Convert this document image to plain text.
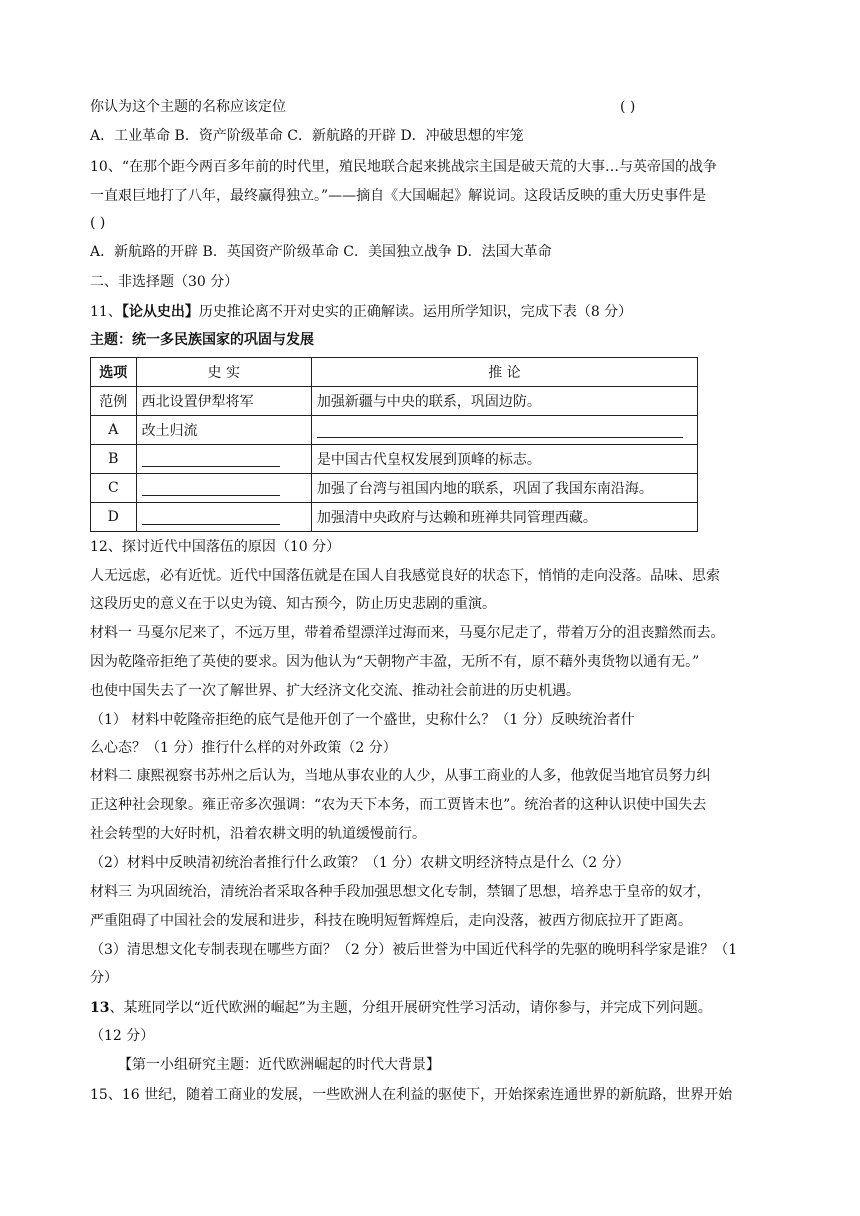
你认为这个主题的名称应该定位	( )
A．工业革命 B．资产阶级革命 C．新航路的开辟 D．冲破思想的牢笼
10、“在那个距今两百多年前的时代里，殖民地联合起来挑战宗主国是破天荒的大事…与英帝国的战争
一直艰巨地打了八年，最终赢得独立。”——摘自《大国崛起》解说词。这段话反映的重大历史事件是
( )
A．新航路的开辟 B．英国资产阶级革命 C．美国独立战争 D．法国大革命
二、非选择题（30 分）
11、【论从史出】历史推论离不开对史实的正确解读。运用所学知识，完成下表（8 分）
主题：统一多民族国家的巩固与发展
选项	史 实	推 论
范例	西北设置伊犁将军	加强新疆与中央的联系，巩固边防。
A	改土归流	
B		是中国古代皇权发展到顶峰的标志。
C		加强了台湾与祖国内地的联系，巩固了我国东南沿海。
D		加强清中央政府与达赖和班禅共同管理西藏。
12、探讨近代中国落伍的原因（10 分）
人无远虑，必有近忧。近代中国落伍就是在国人自我感觉良好的状态下，悄悄的走向没落。品味、思索
这段历史的意义在于以史为镜、知古预今，防止历史悲剧的重演。
材料一 马戛尔尼来了，不远万里，带着希望漂洋过海而来，马戛尔尼走了，带着万分的沮丧黯然而去。
因为乾隆帝拒绝了英使的要求。因为他认为“天朝物产丰盈，无所不有，原不藉外夷货物以通有无。”
也使中国失去了一次了解世界、扩大经济文化交流、推动社会前进的历史机遇。
（1） 材料中乾隆帝拒绝的底气是他开创了一个盛世，史称什么？（1 分）反映统治者什
么心态？（1 分）推行什么样的对外政策（2 分）
材料二 康熙视察书苏州之后认为，当地从事农业的人少，从事工商业的人多，他敦促当地官员努力纠
正这种社会现象。雍正帝多次强调：“农为天下本务，而工贾皆末也”。统治者的这种认识使中国失去
社会转型的大好时机，沿着农耕文明的轨道缓慢前行。
（2）材料中反映清初统治者推行什么政策？（1 分）农耕文明经济特点是什么（2 分）
材料三 为巩固统治，清统治者采取各种手段加强思想文化专制，禁锢了思想，培养忠于皇帝的奴才，
严重阻碍了中国社会的发展和进步，科技在晚明短暂辉煌后，走向没落，被西方彻底拉开了距离。
（3）清思想文化专制表现在哪些方面？（2 分）被后世誉为中国近代科学的先驱的晚明科学家是谁？（1
分）
13、某班同学以“近代欧洲的崛起”为主题，分组开展研究性学习活动，请你参与，并完成下列问题。
（12 分）
【第一小组研究主题：近代欧洲崛起的时代大背景】
15、16 世纪，随着工商业的发展，一些欧洲人在利益的驱使下，开始探索连通世界的新航路，世界开始
